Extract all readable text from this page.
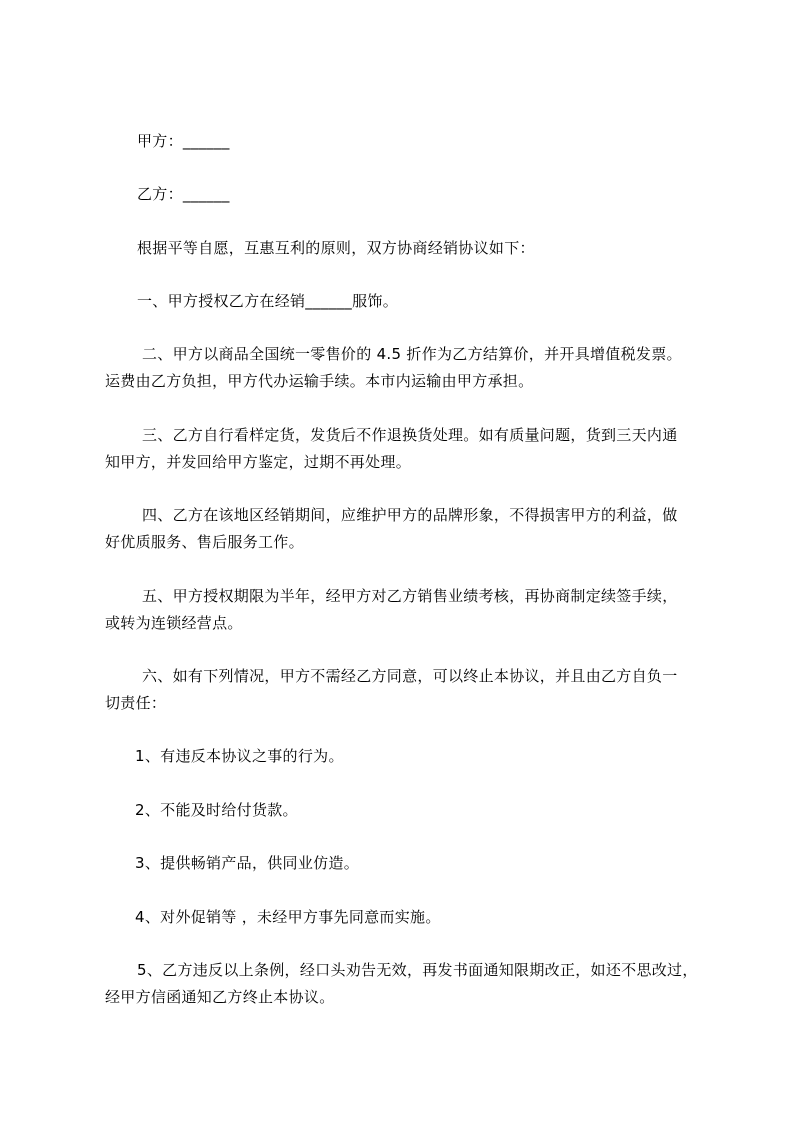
甲方：______
乙方：______
根据平等自愿，互惠互利的原则，双方协商经销协议如下：
一、甲方授权乙方在经销______服饰。
二、甲方以商品全国统一零售价的 4.5 折作为乙方结算价，并开具增值税发票。
运费由乙方负担，甲方代办运输手续。本市内运输由甲方承担。
三、乙方自行看样定货，发货后不作退换货处理。如有质量问题，货到三天内通
知甲方，并发回给甲方鉴定，过期不再处理。
四、乙方在该地区经销期间，应维护甲方的品牌形象，不得损害甲方的利益，做
好优质服务、售后服务工作。
五、甲方授权期限为半年，经甲方对乙方销售业绩考核，再协商制定续签手续，
或转为连锁经营点。
六、如有下列情况，甲方不需经乙方同意，可以终止本协议，并且由乙方自负一
切责任：
1、有违反本协议之事的行为。
2、不能及时给付货款。
3、提供畅销产品，供同业仿造。
4、对外促销等 ，未经甲方事先同意而实施。
5、乙方违反以上条例，经口头劝告无效，再发书面通知限期改正，如还不思改过，
经甲方信函通知乙方终止本协议。
